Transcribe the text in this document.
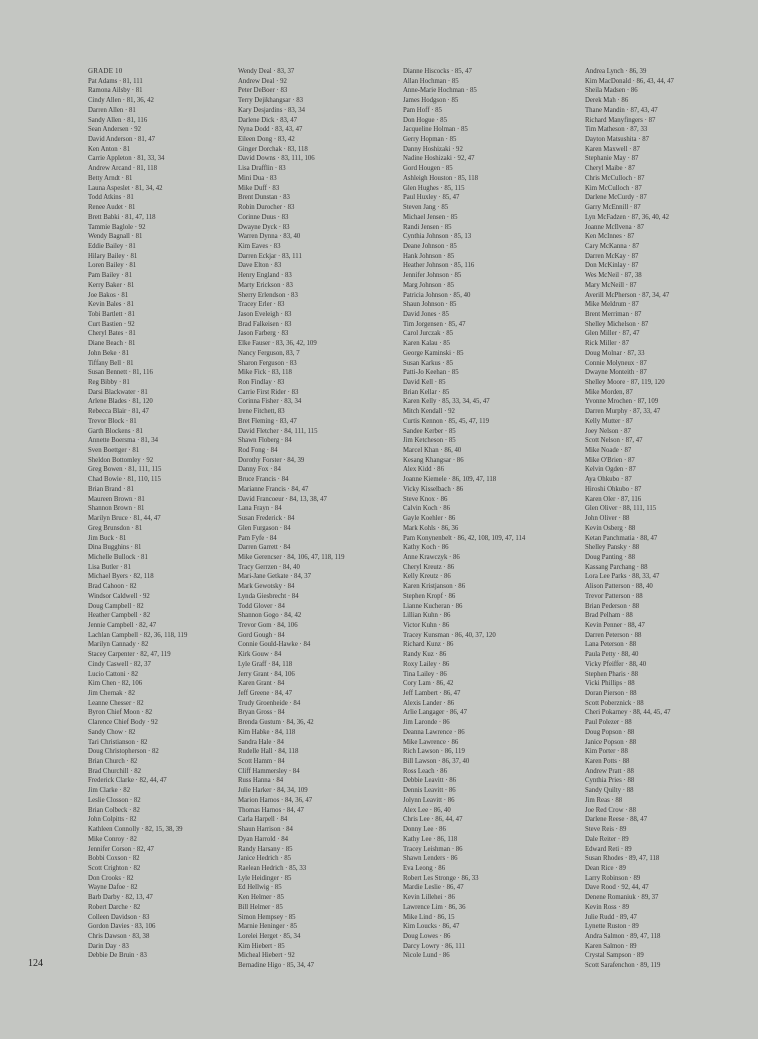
GRADE 10
Pat Adams · 81, 111
Ramona Ailsby · 81
Cindy Allen · 81, 36, 42
Darren Allen · 81
Sandy Allen · 81, 116
Sean Andersen · 92
David Anderson · 81, 47
Ken Anton · 81
Carrie Appleton · 81, 33, 34
Andrew Arcand · 81, 118
Betty Arndt · 81
Launa Aspeslet · 81, 34, 42
Todd Atkins · 81
Renee Audet · 81
Brett Babki · 81, 47, 118
Tammie Baglole · 92
Wendy Bagnall · 81
Eddie Bailey · 81
Hilary Bailey · 81
Loren Bailey · 81
Pam Bailey · 81
Kerry Baker · 81
Joe Bakos · 81
Kevin Bales · 81
Tobi Bartlett · 81
Curt Bastien · 92
Cheryl Bates · 81
Diane Beach · 81
John Beke · 81
Tiffany Bell · 81
Susan Bennett · 81, 116
Reg Bibby · 81
Darsi Blackwater · 81
Arlene Blades · 81, 120
Rebecca Blair · 81, 47
Trevor Block · 81
Garth Blockens · 81
Annette Boersma · 81, 34
Sven Boettger · 81
Sheldon Bottomley · 92
Greg Bowen · 81, 111, 115
Chad Bowie · 81, 110, 115
Brian Brand · 81
Maureen Brown · 81
Shannon Brown · 81
Marilyn Bruce · 81, 44, 47
Greg Brunsdon · 81
Jim Buck · 81
Dina Bugghins · 81
Michelle Bullock · 81
Lisa Butler · 81
Michael Byers · 82, 118
Brad Cahoon · 82
Windsor Caldwell · 92
Doug Campbell · 82
Heather Campbell · 82
Jennie Campbell · 82, 47
Lachlan Campbell · 82, 36, 118, 119
Marilyn Cannady · 82
Stacey Carpenter · 82, 47, 119
Cindy Caswell · 82, 37
Lucio Cattoni · 82
Kim Chen · 82, 106
Jim Chernak · 82
Leanne Chesser · 82
Byron Chief Moon · 82
Clarence Chief Body · 92
Sandy Chow · 82
Tari Christianson · 82
Doug Christopherson · 82
Brian Church · 82
Brad Churchill · 82
Frederick Clarke · 82, 44, 47
Jim Clarke · 82
Leslie Closson · 82
Brian Colbeck · 82
John Colpitts · 82
Kathleen Connolly · 82, 15, 38, 39
Mike Conroy · 82
Jennifer Corson · 82, 47
Bobbi Coxson · 82
Scott Crighton · 82
Don Crooks · 82
Wayne Dafoe · 82
Barb Darby · 82, 13, 47
Robert Darche · 82
Colleen Davidson · 83
Gordon Davies · 83, 106
Chris Dawson · 83, 38
Darin Day · 83
Debbie De Bruin · 83
Wendy Deal · 83, 37
Andrew Deal · 92
Peter DeBoer · 83
Terry Dejikhangsar · 83
Kary Desjardins · 83, 34
Darlene Dick · 83, 47
Nyna Dodd · 83, 43, 47
Eileen Dong · 83, 42
Ginger Dorchak · 83, 118
David Downs · 83, 111, 106
Lisa Drafflin · 83
Mini Dua · 83
Mike Duff · 83
Brent Dunstan · 83
Robin Durocher · 83
Corinne Duus · 83
Dwayne Dyck · 83
Warren Dynna · 83, 40
Kim Eaves · 83
Darren Eckjar · 83, 111
Dave Elton · 83
Henry England · 83
Marty Erickson · 83
Sherry Erlendson · 83
Tracey Erler · 83
Jason Eveleigh · 83
Brad Falkeisen · 83
Jason Farberg · 83
Elke Fauser · 83, 36, 42, 109
Nancy Ferguson, 83, 7
Sharon Ferguson · 83
Mike Fick · 83, 118
Ron Findlay · 83
Carrie First Rider · 83
Corinna Fisher · 83, 34
Irene Fitchett, 83
Bret Fleming · 83, 47
David Fletcher · 84, 111, 115
Shawn Floberg · 84
Rod Fong · 84
Dorothy Forster · 84, 39
Danny Fox · 84
Bruce Francis · 84
Marianne Francis · 84, 47
David Francoeur · 84, 13, 38, 47
Lana Frayn · 84
Susan Frederick · 84
Glen Furgason · 84
Pam Fyfe · 84
Darren Garrett · 84
Mike Gerencser · 84, 106, 47, 118, 119
Tracy Gerrzen · 84, 40
Mari-Jane Getkate · 84, 37
Mark Gewotsky · 84
Lynda Giesbrecht · 84
Todd Glover · 84
Shannon Gogo · 84, 42
Trevor Gom · 84, 106
Gord Gough · 84
Connie Gould-Hawke · 84
Kirk Gouw · 84
Lyle Graff · 84, 118
Jerry Grant · 84, 106
Karen Grant · 84
Jeff Greene · 84, 47
Trudy Groenheide · 84
Bryan Gross · 84
Brenda Gustum · 84, 36, 42
Kim Habke · 84, 118
Sandra Hale · 84
Rudelle Hall · 84, 118
Scott Hamm · 84
Cliff Hammersley · 84
Russ Hanna · 84
Julie Harker · 84, 34, 109
Marion Harnos · 84, 36, 47
Thomas Harnos · 84, 47
Carla Harpell · 84
Shaun Harrison · 84
Dyan Harrold · 84
Randy Harsany · 85
Janice Hedrich · 85
Raelean Hedrich · 85, 33
Lyle Heidinger · 85
Ed Hellwig · 85
Ken Helmer · 85
Bill Helmer · 85
Simon Hempsey · 85
Marnie Heninger · 85
Lorelei Herget · 85, 34
Kim Hiebert · 85
Micheal Hiebert · 92
Bernadine Higo · 85, 34, 47
Dianne Hiscocks · 85, 47
Allan Hochman · 85
Anne-Marie Hochman · 85
James Hodgson · 85
Pam Hoff · 85
Don Hogue · 85
Jacqueline Holman · 85
Gerry Hopman · 85
Danny Hoshizaki · 92
Nadine Hoshizaki · 92, 47
Gord Hougen · 85
Ashleigh Houston · 85, 118
Glen Hughes · 85, 115
Paul Huxley · 85, 47
Steven Jang · 85
Michael Jensen · 85
Randi Jensen · 85
Cynthia Johnson · 85, 13
Deane Johnson · 85
Hank Johnson · 85
Heather Johnson · 85, 116
Jennifer Johnson · 85
Marg Johnson · 85
Patricia Johnson · 85, 40
Shaun Johnson · 85
David Jones · 85
Tim Jorgensen · 85, 47
Carol Jurczak · 85
Karen Kalau · 85
George Kaminski · 85
Susan Karkus · 85
Patti-Jo Keehan · 85
David Kell · 85
Brian Kellar · 85
Karen Kelly · 85, 33, 34, 45, 47
Mitch Kendall · 92
Curtis Kennon · 85, 45, 47, 119
Sandee Kerber · 85
Jim Ketcheson · 85
Marcel Khan · 86, 40
Kesang Khangsar · 86
Alex Kidd · 86
Joanne Kiemele · 86, 109, 47, 118
Vicky Kisselbach · 86
Steve Knox · 86
Calvin Koch · 86
Gayle Koehler · 86
Mark Kohls · 86, 36
Pam Konynenbelt · 86, 42, 108, 109, 47, 114
Kathy Koch · 86
Anne Krawczyk · 86
Cheryl Kreutz · 86
Kelly Kreutz · 86
Karen Kristjanson · 86
Stephen Kropf · 86
Lianne Kucheran · 86
Lillian Kuhn · 86
Victor Kuhn · 86
Tracey Kunsman · 86, 40, 37, 120
Richard Kunz · 86
Randy Kuz · 86
Roxy Lailey · 86
Tina Lailey · 86
Cory Lam · 86, 42
Jeff Lambert · 86, 47
Alexis Lander · 86
Arlie Langager · 86, 47
Jim Laronde · 86
Deanna Lawrence · 86
Mike Lawrence · 86
Rich Lawson · 86, 119
Bill Lawson · 86, 37, 40
Ross Leach · 86
Debbie Leavitt · 86
Dennis Leavitt · 86
Jolynn Leavitt · 86
Alex Lee · 86, 40
Chris Lee · 86, 44, 47
Donny Lee · 86
Kathy Lee · 86, 118
Tracey Leishman · 86
Shawn Lenders · 86
Eva Leong · 86
Robert Les Stronge · 86, 33
Mardie Leslie · 86, 47
Kevin Lillehei · 86
Lawrence Lim · 86, 36
Mike Lind · 86, 15
Kim Loucks · 86, 47
Doug Lowes · 86
Darcy Lowry · 86, 111
Nicole Lund · 86
Andrea Lynch · 86, 39
Kim MacDonald · 86, 43, 44, 47
Sheila Madsen · 86
Derek Mah · 86
Thane Mandin · 87, 43, 47
Richard Manyfingers · 87
Tim Matheson · 87, 33
Dayton Matsushita · 87
Karen Maxwell · 87
Stephanie May · 87
Cheryl Maibe · 87
Chris McCulloch · 87
Kim McCulloch · 87
Darlene McCurdy · 87
Garry McEnnill · 87
Lyn McFadzen · 87, 36, 40, 42
Joanne McIlvena · 87
Ken McInnes · 87
Cary McKanna · 87
Darren McKay · 87
Don McKinlay · 87
Wes McNeil · 87, 38
Mary McNeill · 87
Averill McPherson · 87, 34, 47
Mike Meldrum · 87
Brent Merriman · 87
Shelley Michelson · 87
Glen Miller · 87, 47
Rick Miller · 87
Doug Molnar · 87, 33
Connie Molyneux · 87
Dwayne Monteith · 87
Shelley Moore · 87, 119, 120
Mike Morden, 87
Yvonne Mrochen · 87, 109
Darren Murphy · 87, 33, 47
Kelly Mutter · 87
Joey Nelson · 87
Scott Nelson · 87, 47
Mike Noade · 87
Mike O'Brien · 87
Kelvin Ogden · 87
Aya Ohkubo · 87
Hiroshi Ohkubo · 87
Karen Oler · 87, 116
Glen Oliver · 88, 111, 115
John Oliver · 88
Kevin Osberg · 88
Ketan Panchmatia · 88, 47
Shelley Pansky · 88
Doug Panting · 88
Kassang Parchang · 88
Lora Lee Parks · 88, 33, 47
Alison Patterson · 88, 40
Trevor Patterson · 88
Brian Pederson · 88
Brad Pelham · 88
Kevin Penner · 88, 47
Darren Peterson · 88
Lana Peterson · 88
Paula Petty · 88, 40
Vicky Pfeiffer · 88, 40
Stephen Pharis · 88
Vicki Phillips · 88
Doran Pierson · 88
Scott Poberznick · 88
Cheri Pokarney · 88, 44, 45, 47
Paul Polezer · 88
Doug Popson · 88
Janice Popson · 88
Kim Porter · 88
Karen Potts · 88
Andrew Pratt · 88
Cynthia Pries · 88
Sandy Quilty · 88
Jim Reas · 88
Joe Red Crow · 88
Darlene Reese · 88, 47
Steve Reis · 89
Dale Reiter · 89
Edward Reti · 89
Susan Rhodes · 89, 47, 118
Dean Rice · 89
Larry Robinson · 89
Dave Rood · 92, 44, 47
Denene Romaniuk · 89, 37
Kevin Ross · 89
Julie Rudd · 89, 47
Lynette Ruston · 89
Andra Salmon · 89, 47, 118
Karen Salmon · 89
Crystal Sampson · 89
Scott Sarafenchon · 89, 119
124
